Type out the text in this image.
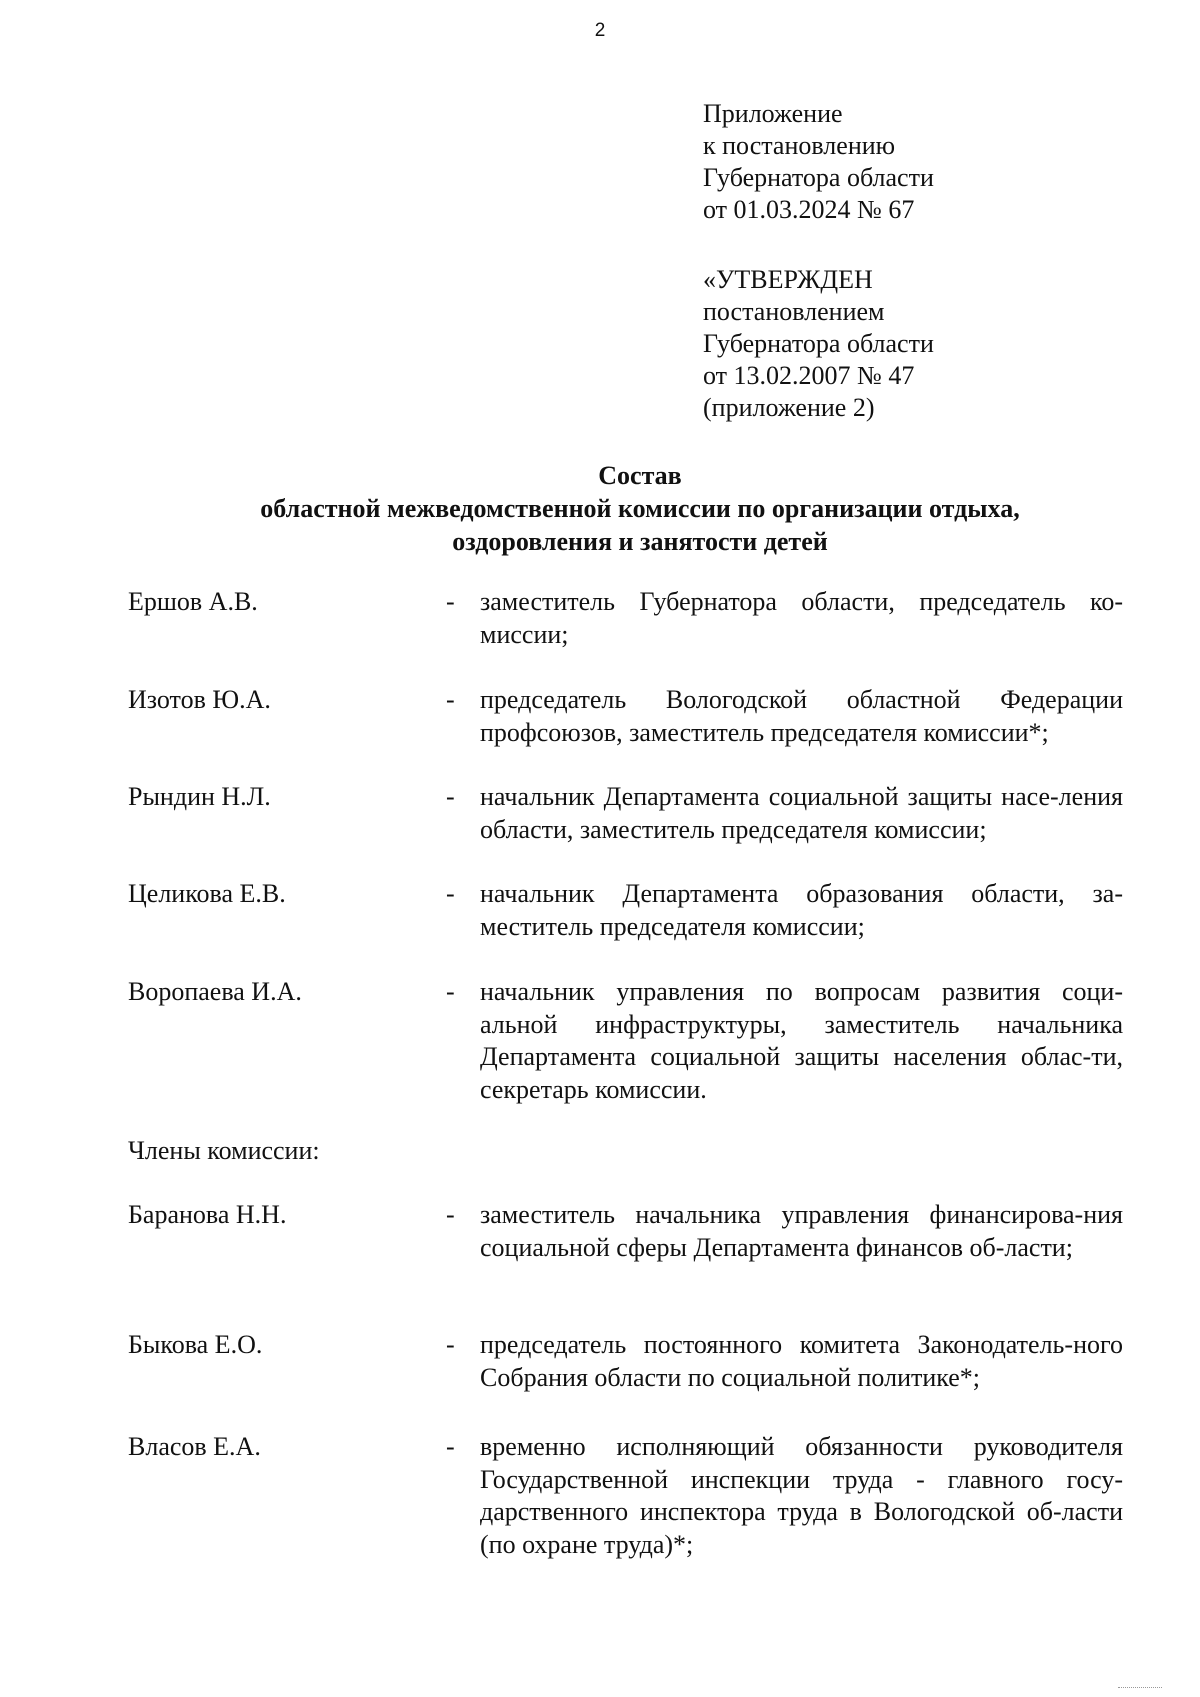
2
Приложение
к постановлению
Губернатора области
от 01.03.2024 № 67
«УТВЕРЖДЕН
постановлением
Губернатора области
от 13.02.2007 № 47
(приложение 2)
Состав
областной межведомственной комиссии по организации отдыха,
оздоровления и занятости детей
Ершов А.В.	- заместитель Губернатора области, председатель ко-миссии;
Изотов Ю.А.	- председатель Вологодской областной Федерации профсоюзов, заместитель председателя комиссии*;
Рындин Н.Л.	- начальник Департамента социальной защиты насе-ления области, заместитель председателя комиссии;
Целикова Е.В.	- начальник Департамента образования области, за-меститель председателя комиссии;
Воропаева И.А.	- начальник управления по вопросам развития соци-альной инфраструктуры, заместитель начальника Департамента социальной защиты населения облас-ти, секретарь комиссии.
Члены комиссии:
Баранова Н.Н.	- заместитель начальника управления финансирова-ния социальной сферы Департамента финансов об-ласти;
Быкова Е.О.	- председатель постоянного комитета Законодатель-ного Собрания области по социальной политике*;
Власов Е.А.	- временно исполняющий обязанности руководителя Государственной инспекции труда - главного госу-дарственного инспектора труда в Вологодской об-ласти (по охране труда)*;
